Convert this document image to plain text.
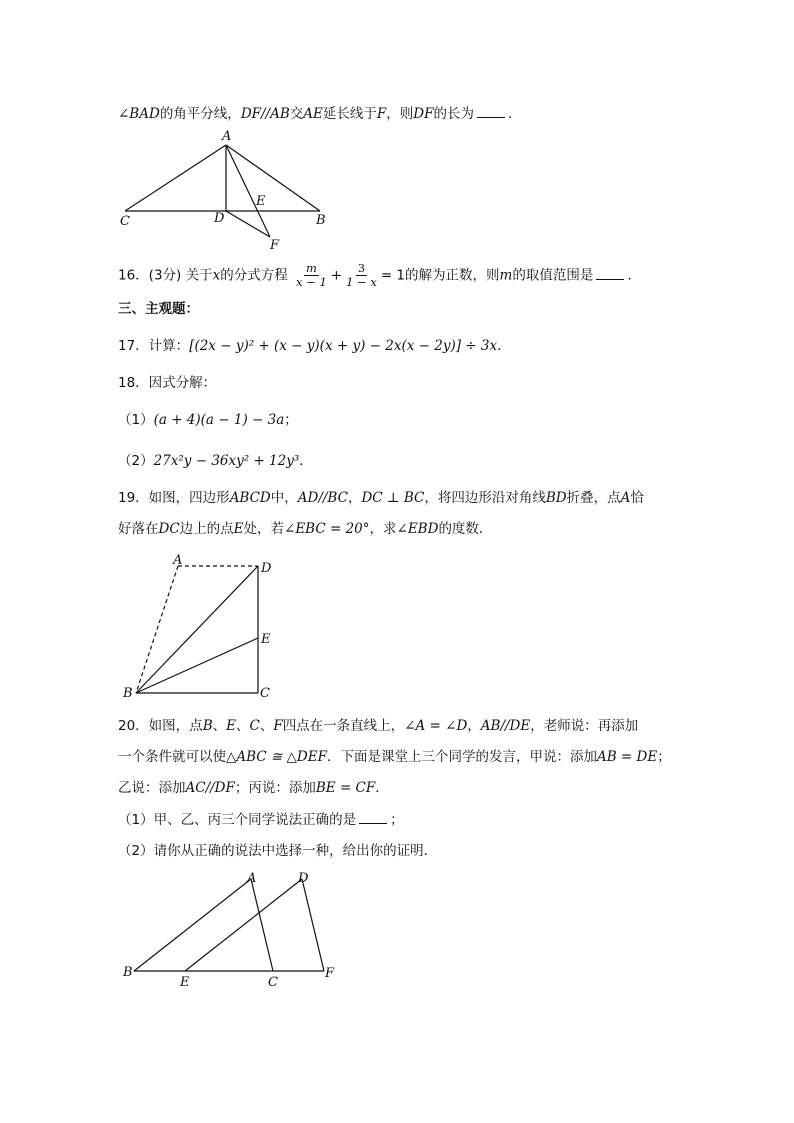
∠BAD的角平分线，DF//AB交AE延长线于F，则DF的长为	．
A
C	D
E
B
F
16．(3分) 关于x的分式方程 $\frac{m}{x - 1} + \frac{3}{1 - x} = 1$的解为正数，则m的取值范围是	．
三、主观题：
17．计算：[(2x − y)² + (x − y)(x + y) − 2x(x − 2y)] ÷ 3x．
18．因式分解：
（1）(a + 4)(a − 1) − 3a；
（2）27x²y − 36xy² + 12y³．
19．如图，四边形ABCD中，AD//BC，DC ⊥ BC，将四边形沿对角线BD折叠，点A恰
好落在DC边上的点E处，若∠EBC = 20°，求∠EBD的度数．
A
D
E
B	C
20．如图，点B、E、C、F四点在一条直线上，∠A = ∠D，AB//DE，老师说：再添加
一个条件就可以使△ABC ≅ △DEF．下面是课堂上三个同学的发言，甲说：添加AB = DE；
乙说：添加AC//DF；丙说：添加BE = CF．
（1）甲、乙、丙三个同学说法正确的是	；
（2）请你从正确的说法中选择一种，给出你的证明．
A	D
B
E	C
F
